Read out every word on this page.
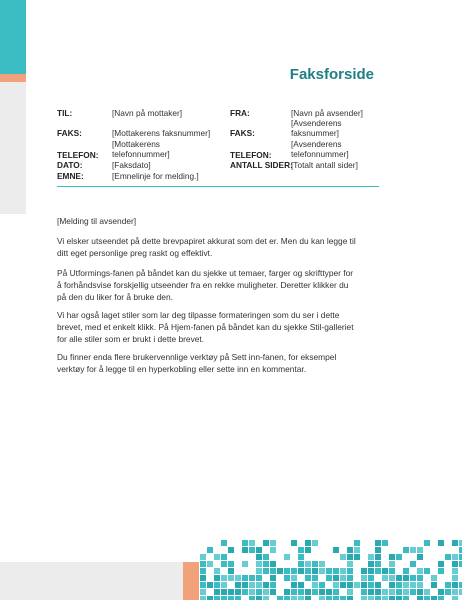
Faksforside
TIL:	[Navn på mottaker]
FAKS:	[Mottakerens faksnummer]
TELEFON:
[Mottakerens telefonnummer]
DATO:	[Faksdato]
EMNE:	[Emnelinje for melding.]
FRA:	[Navn på avsender]
FAKS:
[Avsenderens faksnummer]
TELEFON:
[Avsenderens telefonnummer]
ANTALL SIDER:
[Totalt antall sider]
[Melding til avsender]
Vi elsker utseendet på dette brevpapiret akkurat som det er. Men du kan legge til ditt eget personlige preg raskt og effektivt.
På Utformings-fanen på båndet kan du sjekke ut temaer, farger og skrifttyper for å forhåndsvise forskjellig utseender fra en rekke muligheter. Deretter klikker du på den du liker for å bruke den.
Vi har også laget stiler som lar deg tilpasse formateringen som du ser i dette brevet, med et enkelt klikk. På Hjem-fanen på båndet kan du sjekke Stil-galleriet for alle stiler som er brukt i dette brevet.
Du finner enda flere brukervennlige verktøy på Sett inn-fanen, for eksempel verktøy for å legge til en hyperkobling eller sette inn en kommentar.
